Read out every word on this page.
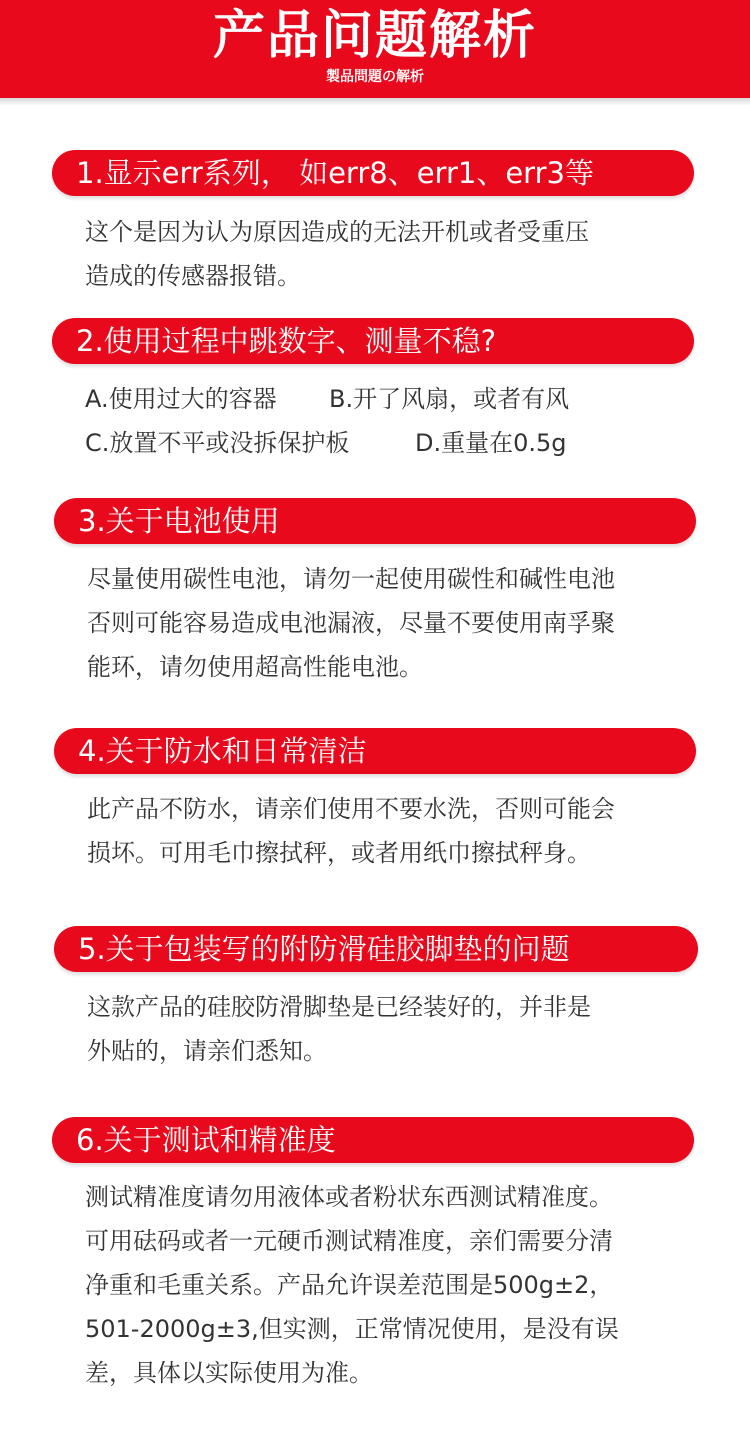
产品问题解析
製品問題の解析
1.显示err系列， 如err8、err1、err3等
这个是因为认为原因造成的无法开机或者受重压
造成的传感器报错。
2.使用过程中跳数字、测量不稳?
A.使用过大的容器 B.开了风扇，或者有风
C.放置不平或没拆保护板	D.重量在0.5g
3.关于电池使用
尽量使用碳性电池，请勿一起使用碳性和碱性电池
否则可能容易造成电池漏液，尽量不要使用南孚聚
能环，请勿使用超高性能电池。
4.关于防水和日常清洁
此产品不防水，请亲们使用不要水洗，否则可能会
损坏。可用毛巾擦拭秤，或者用纸巾擦拭秤身。
5.关于包装写的附防滑硅胶脚垫的问题
这款产品的硅胶防滑脚垫是已经装好的，并非是
外贴的，请亲们悉知。
6.关于测试和精准度
测试精准度请勿用液体或者粉状东西测试精准度。
可用砝码或者一元硬币测试精准度，亲们需要分清
净重和毛重关系。产品允许误差范围是500g±2，
501-2000g±3,但实测，正常情况使用，是没有误
差，具体以实际使用为准。
